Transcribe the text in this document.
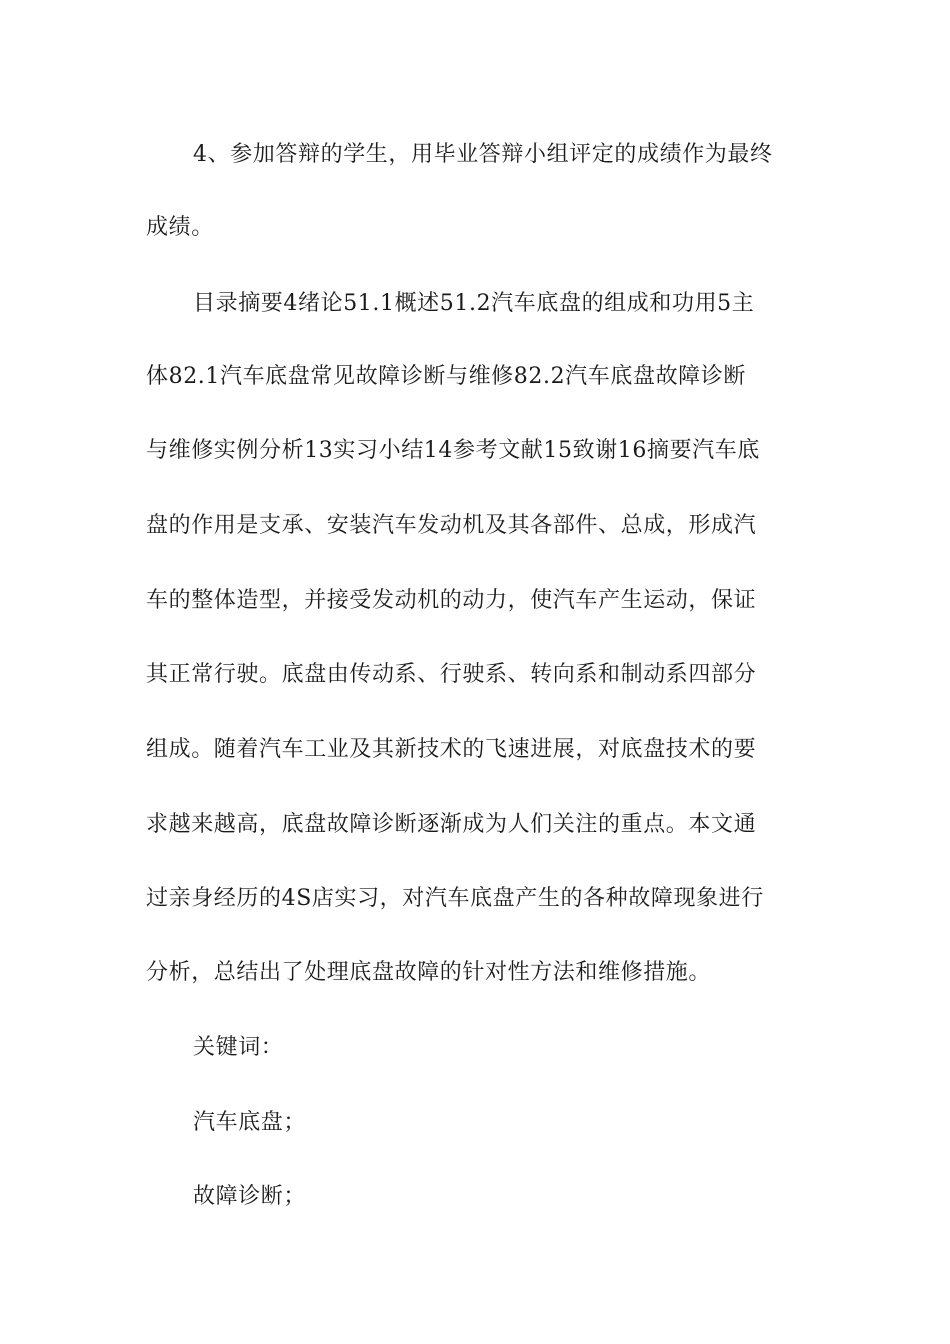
4、参加答辩的学生，用毕业答辩小组评定的成绩作为最终
成绩。
目录摘要4绪论51.1概述51.2汽车底盘的组成和功用5主
体82.1汽车底盘常见故障诊断与维修82.2汽车底盘故障诊断
与维修实例分析13实习小结14参考文献15致谢16摘要汽车底
盘的作用是支承、安装汽车发动机及其各部件、总成，形成汽
车的整体造型，并接受发动机的动力，使汽车产生运动，保证
其正常行驶。底盘由传动系、行驶系、转向系和制动系四部分
组成。随着汽车工业及其新技术的飞速进展，对底盘技术的要
求越来越高，底盘故障诊断逐渐成为人们关注的重点。本文通
过亲身经历的4S店实习，对汽车底盘产生的各种故障现象进行
分析，总结出了处理底盘故障的针对性方法和维修措施。
关键词：
汽车底盘；
故障诊断；
